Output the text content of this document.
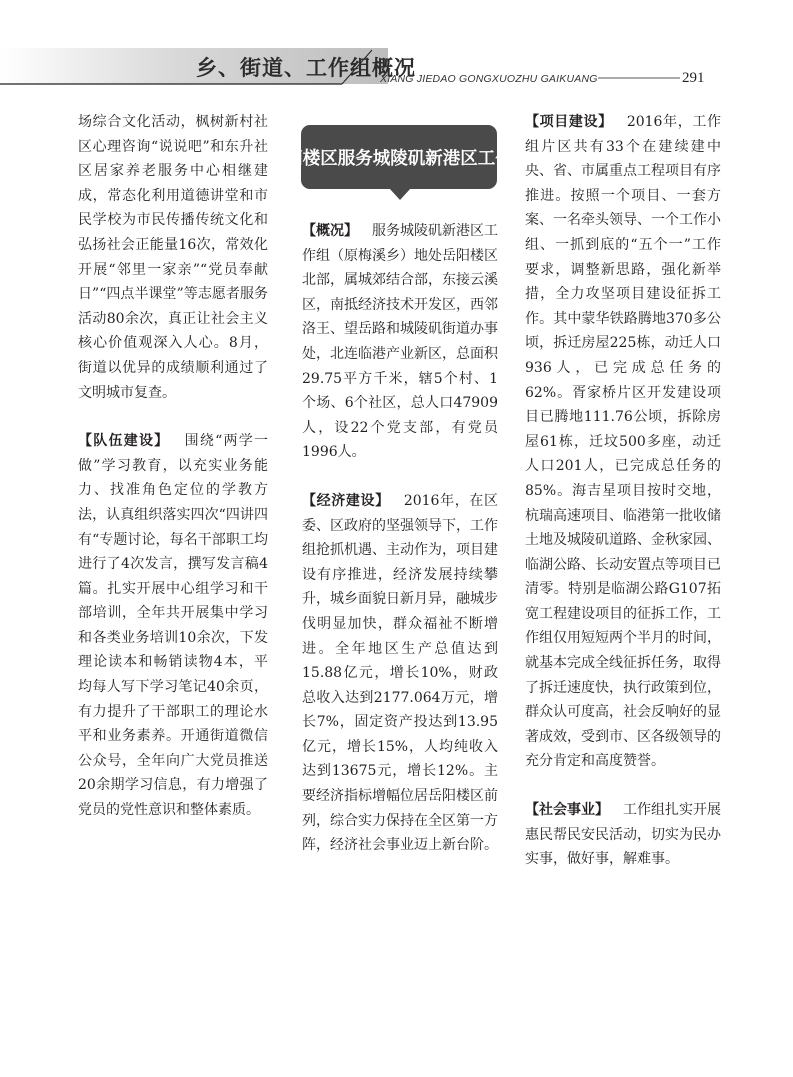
乡、街道、工作组概况
XIANG JIEDAO GONGXUOZHU GAIKUANG	291

场综合文化活动，枫树新村社区心理咨询“说说吧”和东升社区居家养老服务中心相继建成，常态化利用道德讲堂和市民学校为市民传播传统文化和弘扬社会正能量16次，常效化开展“邻里一家亲”“党员奉献日”“四点半课堂”等志愿者服务活动80余次，真正让社会主义核心价值观深入人心。8月，街道以优异的成绩顺利通过了文明城市复查。

【队伍建设】  围绕“两学一做”学习教育，以充实业务能力、找准角色定位的学教方法，认真组织落实四次“四讲四有“专题讨论，每名干部职工均进行了4次发言，撰写发言稿4篇。扎实开展中心组学习和干部培训，全年共开展集中学习和各类业务培训10余次，下发理论读本和畅销读物4本，平均每人写下学习笔记40余页，有力提升了干部职工的理论水平和业务素养。开通街道微信公众号，全年向广大党员推送20余期学习信息，有力增强了党员的党性意识和整体素质。

岳阳楼区服务城陵矶新港区工作组

【概况】  服务城陵矶新港区工作组（原梅溪乡）地处岳阳楼区北部，属城郊结合部，东接云溪区，南抵经济技术开发区，西邻洛王、望岳路和城陵矶街道办事处，北连临港产业新区，总面积29.75平方千米，辖5个村、1个场、6个社区，总人口47909人，设22个党支部，有党员1996人。

【经济建设】  2016年，在区委、区政府的坚强领导下，工作组抢抓机遇、主动作为，项目建设有序推进，经济发展持续攀升，城乡面貌日新月异，融城步伐明显加快，群众福祉不断增进。全年地区生产总值达到15.88亿元，增长10%，财政总收入达到2177.064万元，增长7%，固定资产投达到13.95亿元，增长15%，人均纯收入达到13675元，增长12%。主要经济指标增幅位居岳阳楼区前列，综合实力保持在全区第一方阵，经济社会事业迈上新台阶。

【项目建设】  2016年，工作组片区共有33个在建续建中央、省、市属重点工程项目有序推进。按照一个项目、一套方案、一名牵头领导、一个工作小组、一抓到底的“五个一”工作要求，调整新思路，强化新举措，全力攻坚项目建设征拆工作。其中蒙华铁路腾地370多公顷，拆迁房屋225栋，动迁人口936人，已完成总任务的62%。胥家桥片区开发建设项目已腾地111.76公顷，拆除房屋61栋，迁坟500多座，动迁人口201人，已完成总任务的85%。海吉星项目按时交地，杭瑞高速项目、临港第一批收储土地及城陵矶道路、金秋家园、临湖公路、长动安置点等项目已清零。特别是临湖公路G107拓宽工程建设项目的征拆工作，工作组仅用短短两个半月的时间，就基本完成全线征拆任务，取得了拆迁速度快，执行政策到位，群众认可度高，社会反响好的显著成效，受到市、区各级领导的充分肯定和高度赞誉。

【社会事业】  工作组扎实开展惠民帮民安民活动，切实为民办实事，做好事，解难事。
